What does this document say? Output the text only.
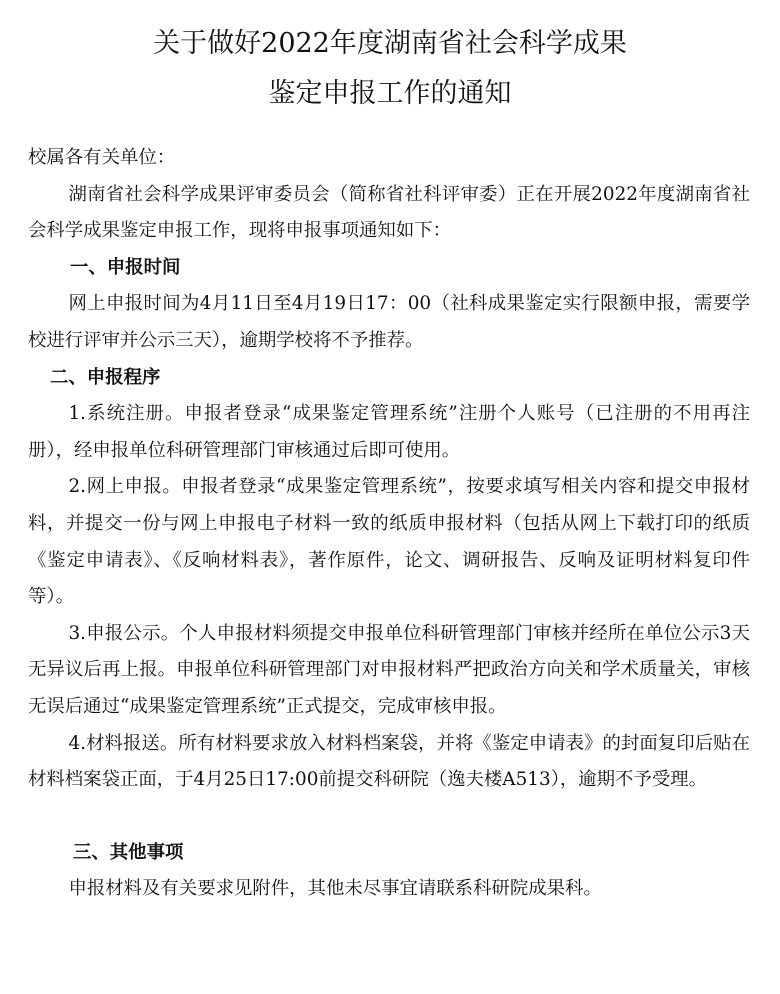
关于做好2022年度湖南省社会科学成果
鉴定申报工作的通知

校属各有关单位：

湖南省社会科学成果评审委员会（简称省社科评审委）正在开展2022年度湖南省社会科学成果鉴定申报工作，现将申报事项通知如下：

一、申报时间

网上申报时间为4月11日至4月19日17：00（社科成果鉴定实行限额申报，需要学校进行评审并公示三天），逾期学校将不予推荐。

二、申报程序

1.系统注册。申报者登录“成果鉴定管理系统”注册个人账号（已注册的不用再注册），经申报单位科研管理部门审核通过后即可使用。

2.网上申报。申报者登录“成果鉴定管理系统”，按要求填写相关内容和提交申报材料，并提交一份与网上申报电子材料一致的纸质申报材料（包括从网上下载打印的纸质《鉴定申请表》、《反响材料表》，著作原件，论文、调研报告、反响及证明材料复印件等）。

3.申报公示。个人申报材料须提交申报单位科研管理部门审核并经所在单位公示3天无异议后再上报。申报单位科研管理部门对申报材料严把政治方向关和学术质量关，审核无误后通过“成果鉴定管理系统”正式提交，完成审核申报。

4.材料报送。所有材料要求放入材料档案袋，并将《鉴定申请表》的封面复印后贴在材料档案袋正面，于4月25日17:00前提交科研院（逸夫楼A513），逾期不予受理。

三、其他事项

申报材料及有关要求见附件，其他未尽事宜请联系科研院成果科。
